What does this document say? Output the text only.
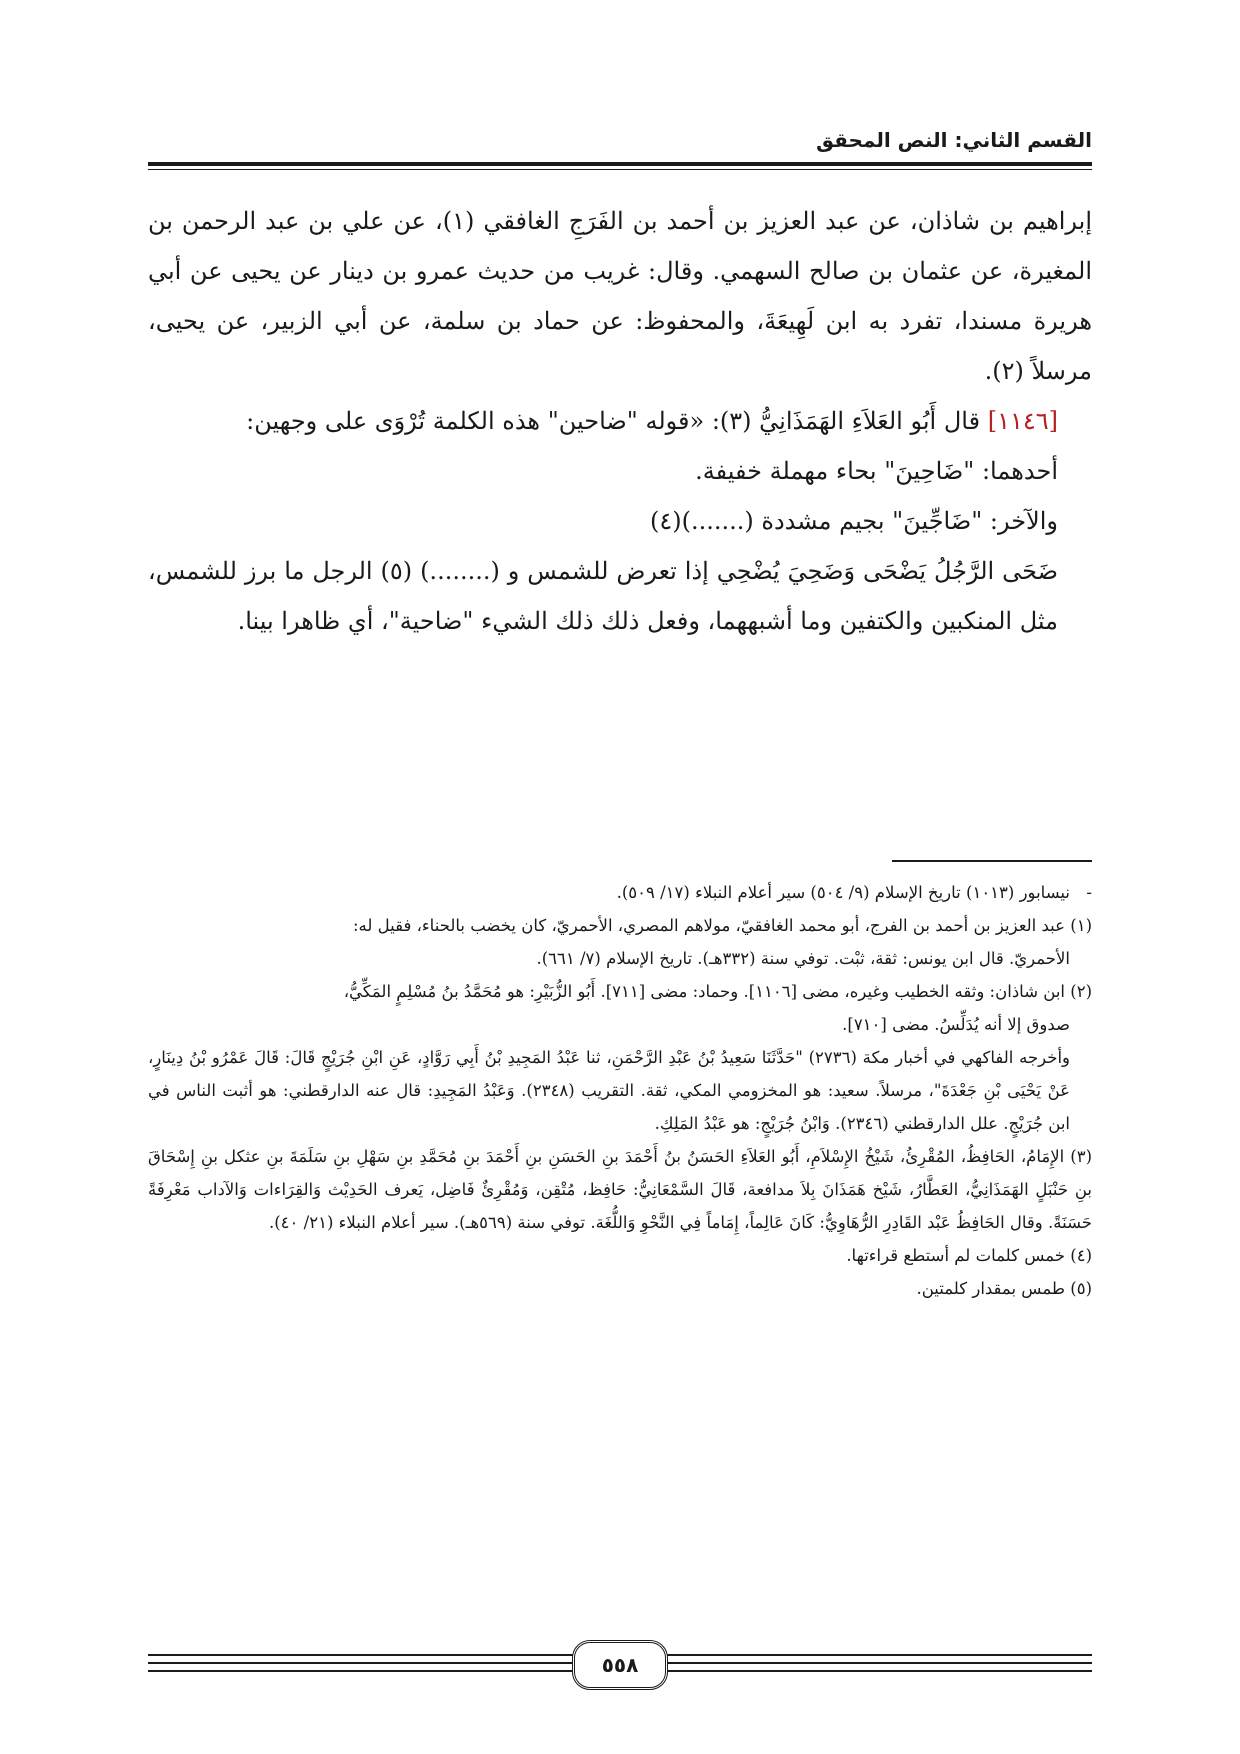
القسم الثاني: النص المحقق

إبراهيم بن شاذان، عن عبد العزيز بن أحمد بن الفَرَجِ الغافقي (١)، عن علي بن عبد الرحمن بن المغيرة، عن عثمان بن صالح السهمي. وقال: غريب من حديث عمرو بن دينار عن يحيى عن أبي هريرة مسندا، تفرد به ابن لَهِيعَةَ، والمحفوظ: عن حماد بن سلمة، عن أبي الزبير، عن يحيى، مرسلاً (٢).

[١١٤٦] قال أَبُو العَلاَءِ الهَمَذَانِيُّ (٣): «قوله "ضاحين" هذه الكلمة تُرْوَى على وجهين:

أحدهما: "ضَاحِينَ" بحاء مهملة خفيفة.

والآخر: "ضَاجِّينَ" بجيم مشددة (.......)(٤)

ضَحَى الرَّجُلُ يَضْحَى وَضَحِيَ يُضْحِي إذا تعرض للشمس و (........) (٥) الرجل ما برز للشمس، مثل المنكبين والكتفين وما أشبههما، وفعل ذلك ذلك الشيء "ضاحية"، أي ظاهرا بينا.

-نيسابور (١٠١٣) تاريخ الإسلام (٩/ ٥٠٤) سير أعلام النبلاء (١٧/ ٥٠٩).

(١) عبد العزيز بن أحمد بن الفرج، أبو محمد الغافقيّ، مولاهم المصري، الأحمريّ، كان يخضب بالحناء، فقيل له:

الأحمريّ. قال ابن يونس: ثقة، ثبْت. توفي سنة (٣٣٢هـ). تاريخ الإسلام (٧/ ٦٦١).

(٢) ابن شاذان: وثقه الخطيب وغيره، مضى [١١٠٦]. وحماد: مضى [٧١١]. أَبُو الزُّبَيْرِ: هو مُحَمَّدُ بنُ مُسْلِمٍ المَكِّيُّ،

صدوق إلا أنه يُدَلِّسُ. مضى [٧١٠].

وأخرجه الفاكهي في أخبار مكة (٢٧٣٦) "حَدَّثَنَا سَعِيدُ بْنُ عَبْدِ الرَّحْمَنِ، ثنا عَبْدُ المَجِيدِ بْنُ أَبِي رَوَّادٍ، عَنِ ابْنِ جُرَيْجٍ قَالَ: قَالَ عَمْرُو بْنُ دِينَارٍ، عَنْ يَحْيَى بْنِ جَعْدَةَ"، مرسلاً. سعيد: هو المخزومي المكي، ثقة. التقريب (٢٣٤٨). وَعَبْدُ المَجِيدِ: قال عنه الدارقطني: هو أثبت الناس في ابن جُرَيْجٍ. علل الدارقطني (٢٣٤٦). وَابْنُ جُرَيْجٍ: هو عَبْدُ المَلِكِ.

(٣) الإِمَامُ، الحَافِظُ، المُقْرِئُ، شَيْخُ الإِسْلاَمِ، أَبُو العَلاَءِ الحَسَنُ بنُ أَحْمَدَ بنِ الحَسَنِ بنِ أَحْمَدَ بنِ مُحَمَّدِ بنِ سَهْلِ بنِ سَلَمَةَ بنِ عثكل بنِ إِسْحَاقَ بنِ حَنْبَلٍ الهَمَذَانِيُّ، العَطَّارُ، شَيْخ هَمَذَانَ بِلاَ مدافعة، قَالَ السَّمْعَانِيُّ: حَافِظ، مُتْقِن، وَمُقْرِئٌ فَاضِل، يَعرف الحَدِيْث وَالقِرَاءات وَالآداب مَعْرِفَةً حَسَنَةً. وقال الحَافِظُ عَبْد القَادِرِ الرُّهَاوِيُّ: كَانَ عَالِماً، إِمَاماً فِي النَّحْوِ وَاللُّغَة. توفي سنة (٥٦٩هـ). سير أعلام النبلاء (٢١/ ٤٠).

(٤) خمس كلمات لم أستطع قراءتها.

(٥) طمس بمقدار كلمتين.

٥٥٨
